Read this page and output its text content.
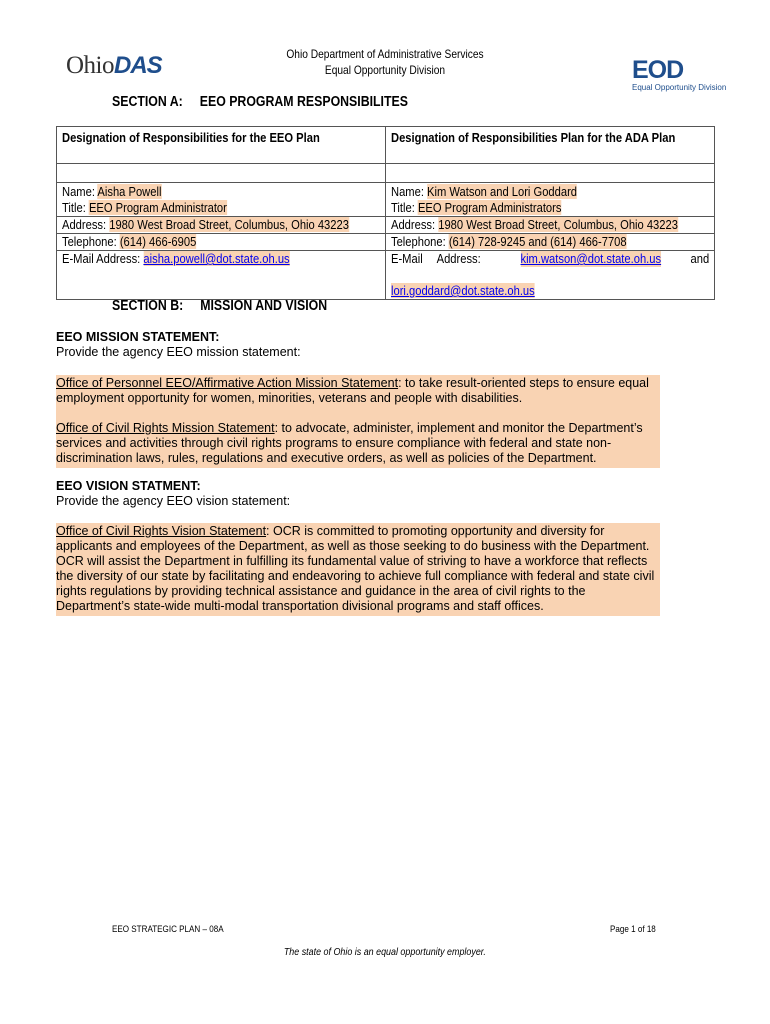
Ohio DAS	Ohio Department of Administrative Services
Equal Opportunity Division	EOD
Equal Opportunity Division
SECTION A: EEO PROGRAM RESPONSIBILITES
Designation of Responsibilities for the EEO Plan	Designation of Responsibilities Plan for the ADA Plan

Name: Aisha Powell	Name: Kim Watson and Lori Goddard
Title: EEO Program Administrator	Title: EEO Program Administrators
Address: 1980 West Broad Street, Columbus, Ohio 43223	Address: 1980 West Broad Street, Columbus, Ohio 43223
Telephone: (614) 466-6905	Telephone: (614) 728-9245 and (614) 466-7708
E-Mail Address: aisha.powell@dot.state.oh.us	E-Mail Address: kim.watson@dot.state.oh.us and

lori.goddard@dot.state.oh.us
SECTION B: MISSION AND VISION
EEO MISSION STATEMENT:
Provide the agency EEO mission statement:
Office of Personnel EEO/Affirmative Action Mission Statement: to take result-oriented steps to ensure equal employment opportunity for women, minorities, veterans and people with disabilities.
Office of Civil Rights Mission Statement: to advocate, administer, implement and monitor the Department’s services and activities through civil rights programs to ensure compliance with federal and state non-discrimination laws, rules, regulations and executive orders, as well as policies of the Department.
EEO VISION STATMENT:
Provide the agency EEO vision statement:
Office of Civil Rights Vision Statement: OCR is committed to promoting opportunity and diversity for applicants and employees of the Department, as well as those seeking to do business with the Department. OCR will assist the Department in fulfilling its fundamental value of striving to have a workforce that reflects the diversity of our state by facilitating and endeavoring to achieve full compliance with federal and state civil rights regulations by providing technical assistance and guidance in the area of civil rights to the Department’s state-wide multi-modal transportation divisional programs and staff offices.
EEO STRATEGIC PLAN – 08A	Page 1 of 18
The state of Ohio is an equal opportunity employer.
